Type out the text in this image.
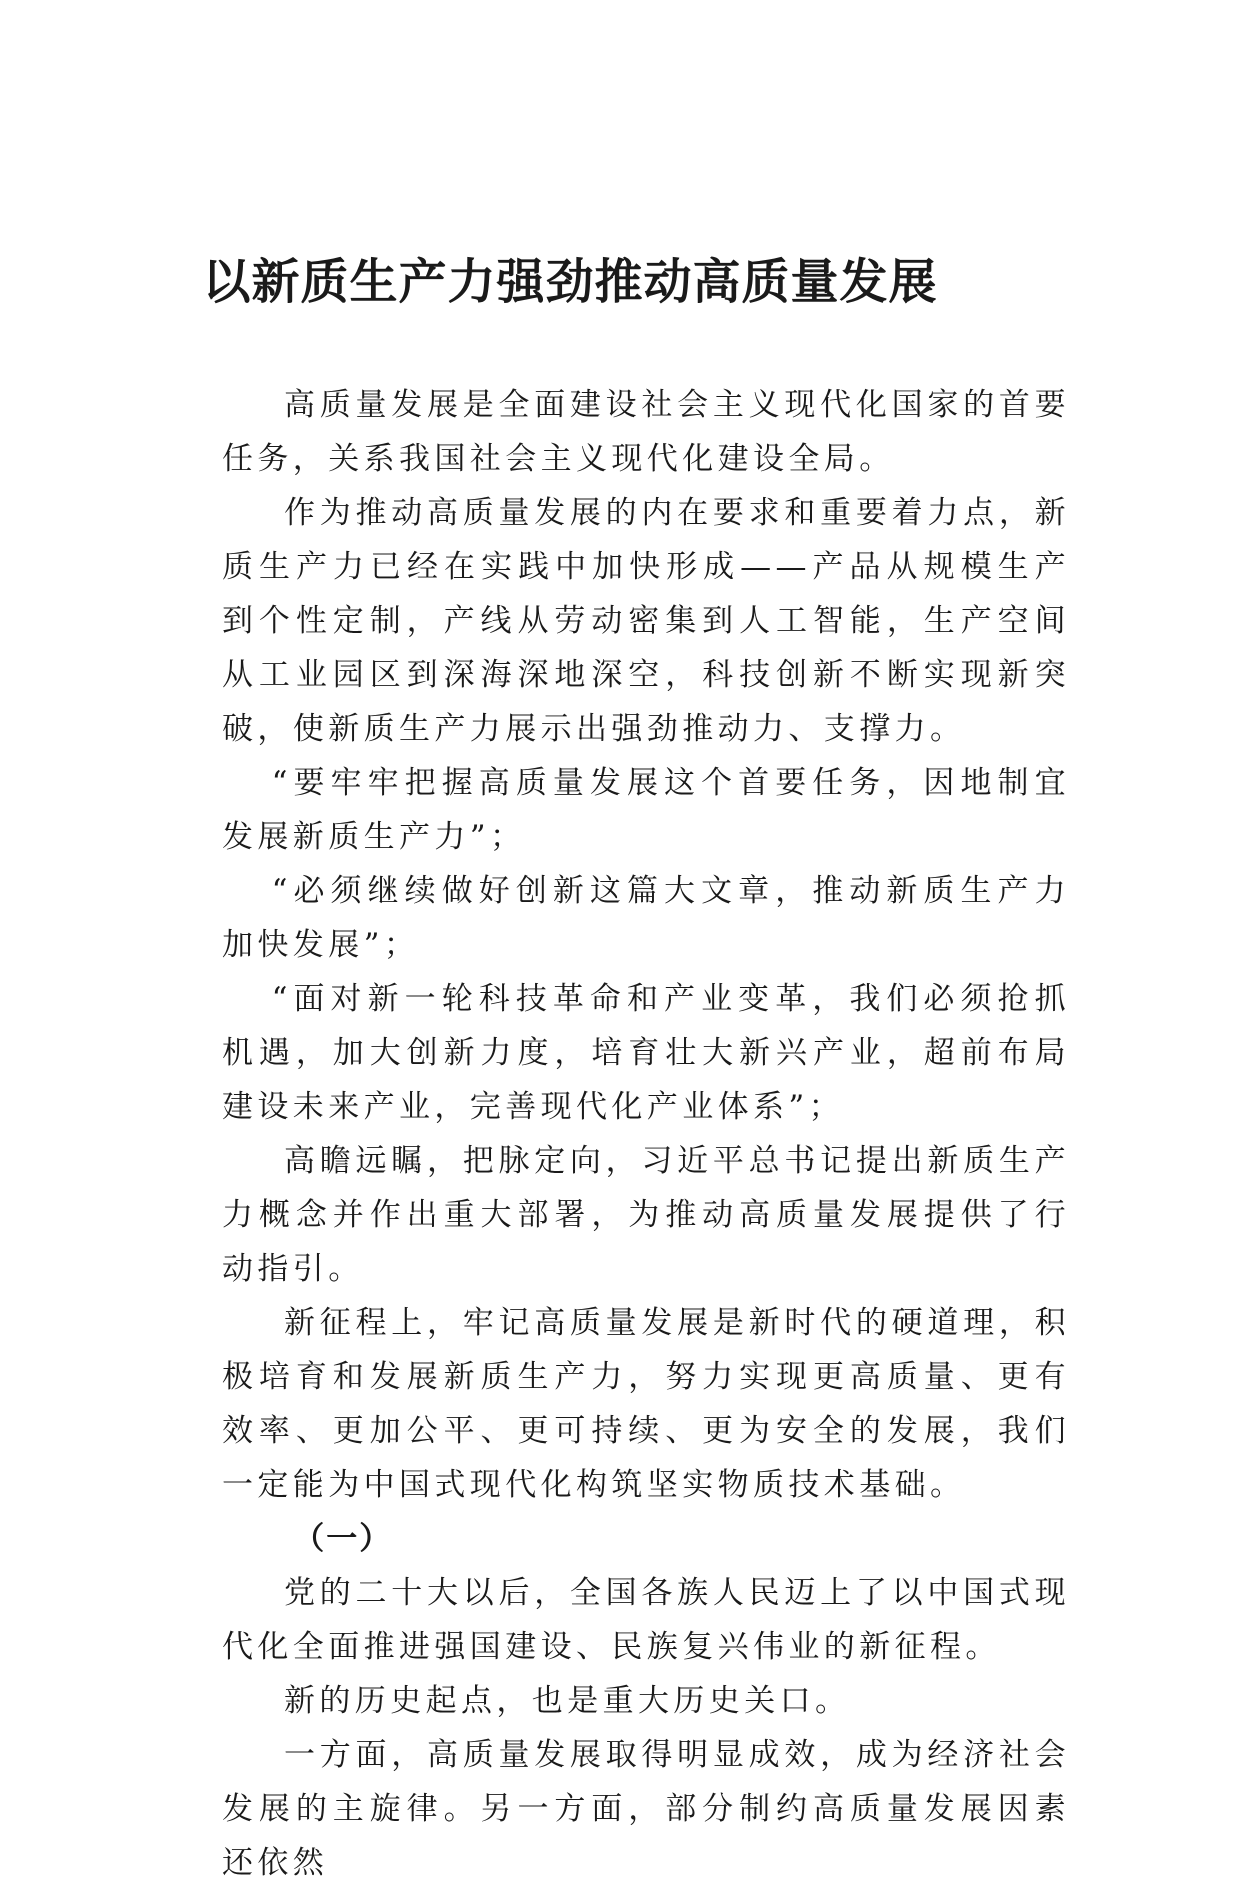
以新质生产力强劲推动高质量发展

高质量发展是全面建设社会主义现代化国家的首要任务，关系我国社会主义现代化建设全局。

作为推动高质量发展的内在要求和重要着力点，新质生产力已经在实践中加快形成——产品从规模生产到个性定制，产线从劳动密集到人工智能，生产空间从工业园区到深海深地深空，科技创新不断实现新突破，使新质生产力展示出强劲推动力、支撑力。

“要牢牢把握高质量发展这个首要任务，因地制宜发展新质生产力”；

“必须继续做好创新这篇大文章，推动新质生产力加快发展”；

“面对新一轮科技革命和产业变革，我们必须抢抓机遇，加大创新力度，培育壮大新兴产业，超前布局建设未来产业，完善现代化产业体系”；

高瞻远瞩，把脉定向，习近平总书记提出新质生产力概念并作出重大部署，为推动高质量发展提供了行动指引。

新征程上，牢记高质量发展是新时代的硬道理，积极培育和发展新质生产力，努力实现更高质量、更有效率、更加公平、更可持续、更为安全的发展，我们一定能为中国式现代化构筑坚实物质技术基础。

（一）

党的二十大以后，全国各族人民迈上了以中国式现代化全面推进强国建设、民族复兴伟业的新征程。

新的历史起点，也是重大历史关口。

一方面，高质量发展取得明显成效，成为经济社会发展的主旋律。另一方面，部分制约高质量发展因素还依然
